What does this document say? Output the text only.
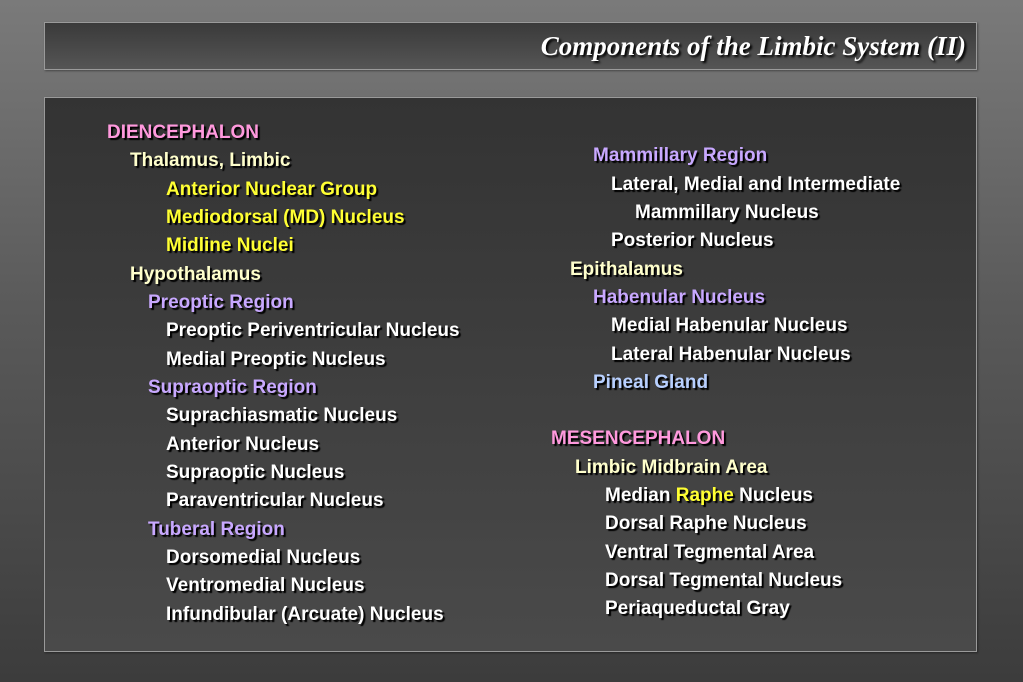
Components of the Limbic System (II)
DIENCEPHALON
Thalamus, Limbic
Anterior Nuclear Group
Mediodorsal (MD) Nucleus
Midline Nuclei
Hypothalamus
Preoptic Region
Preoptic Periventricular Nucleus
Medial Preoptic Nucleus
Supraoptic Region
Suprachiasmatic Nucleus
Anterior Nucleus
Supraoptic Nucleus
Paraventricular Nucleus
Tuberal Region
Dorsomedial Nucleus
Ventromedial Nucleus
Infundibular (Arcuate) Nucleus
Mammillary Region
Lateral, Medial and Intermediate
Mammillary Nucleus
Posterior Nucleus
Epithalamus
Habenular Nucleus
Medial Habenular Nucleus
Lateral Habenular Nucleus
Pineal Gland
MESENCEPHALON
Limbic Midbrain Area
Median Raphe Nucleus
Dorsal Raphe Nucleus
Ventral Tegmental Area
Dorsal Tegmental Nucleus
Periaqueductal Gray
